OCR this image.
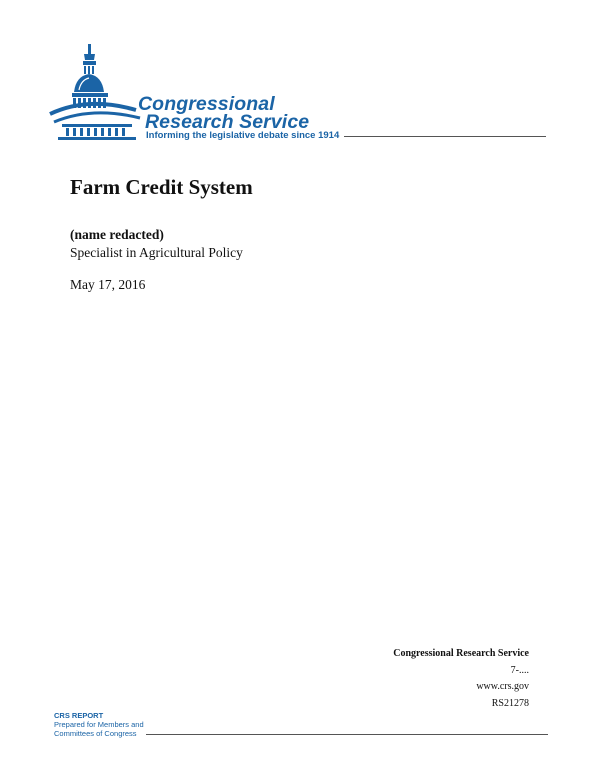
Congressional
Research Service
Informing the legislative debate since 1914
Farm Credit System
(name redacted)
Specialist in Agricultural Policy
May 17, 2016
Congressional Research Service
7-....
www.crs.gov
RS21278
CRS REPORT
Prepared for Members and
Committees of Congress
